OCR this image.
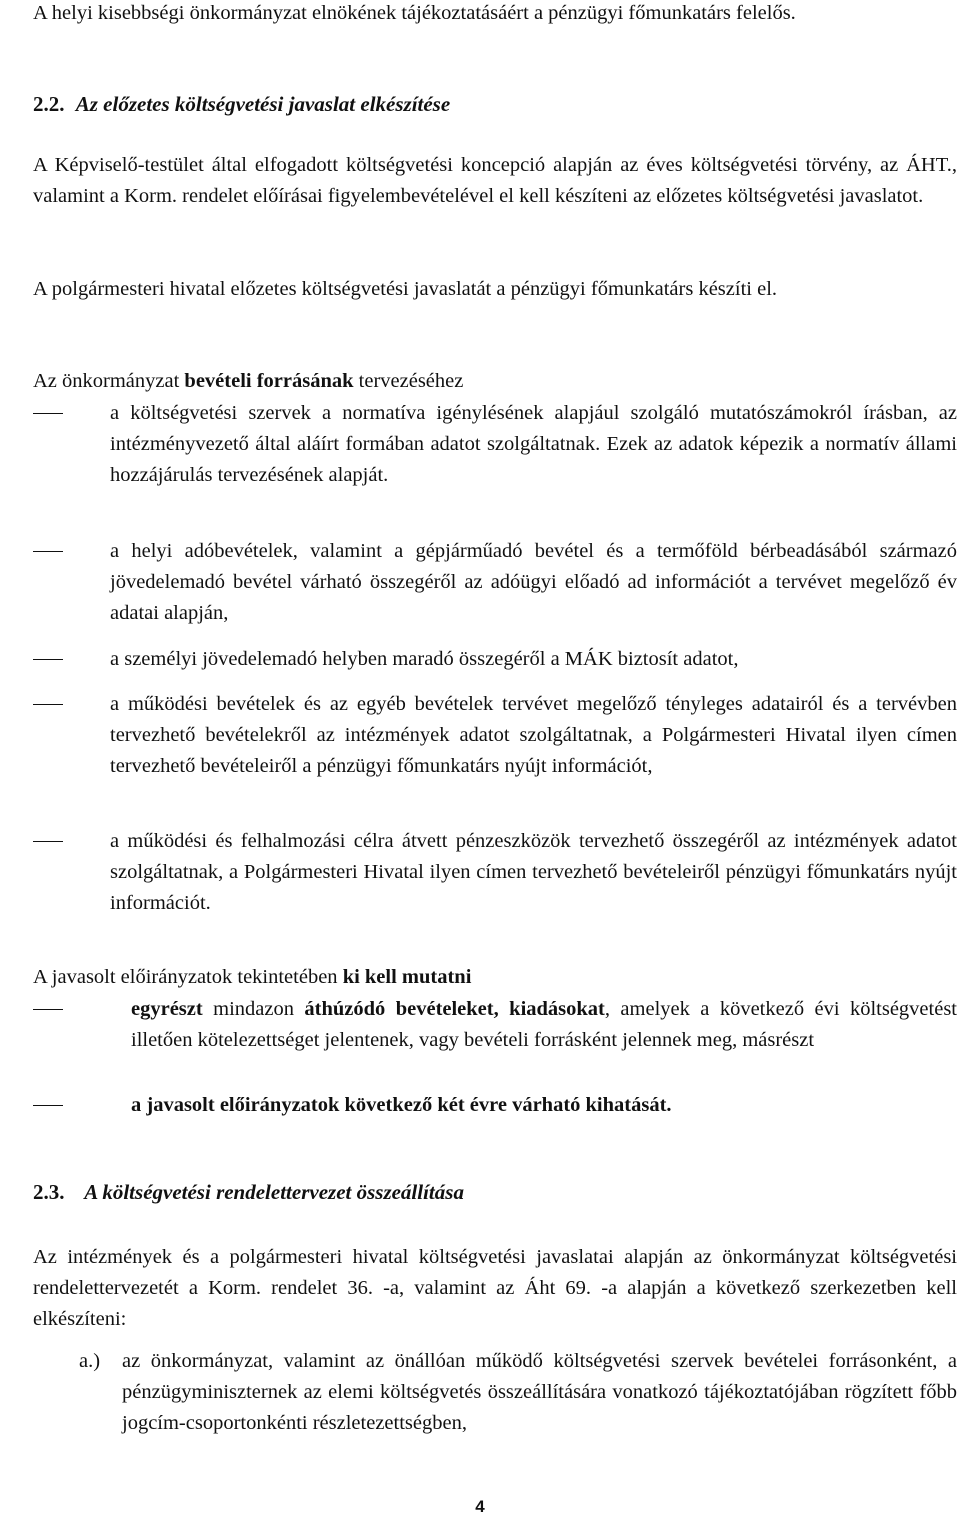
A helyi kisebbségi önkormányzat elnökének tájékoztatásáért a pénzügyi főmunkatárs felelős.

2.2. Az előzetes költségvetési javaslat elkészítése

A Képviselő-testület által elfogadott költségvetési koncepció alapján az éves költségvetési törvény, az ÁHT., valamint a Korm. rendelet előírásai figyelembevételével el kell készíteni az előzetes költségvetési javaslatot.

A polgármesteri hivatal előzetes költségvetési javaslatát a pénzügyi főmunkatárs készíti el.

Az önkormányzat bevételi forrásának tervezéséhez

a költségvetési szervek a normatíva igénylésének alapjául szolgáló mutatószámokról írásban, az intézményvezető által aláírt formában adatot szolgáltatnak. Ezek az adatok képezik a normatív állami hozzájárulás tervezésének alapját.

a helyi adóbevételek, valamint a gépjárműadó bevétel és a termőföld bérbeadásából származó jövedelemadó bevétel várható összegéről az adóügyi előadó ad információt a tervévet megelőző év adatai alapján,

a személyi jövedelemadó helyben maradó összegéről a MÁK biztosít adatot,

a működési bevételek és az egyéb bevételek tervévet megelőző tényleges adatairól és a tervévben tervezhető bevételekről az intézmények adatot szolgáltatnak, a Polgármesteri Hivatal ilyen címen tervezhető bevételeiről a pénzügyi főmunkatárs nyújt információt,

a működési és felhalmozási célra átvett pénzeszközök tervezhető összegéről az intézmények adatot szolgáltatnak, a Polgármesteri Hivatal ilyen címen tervezhető bevételeiről pénzügyi főmunkatárs nyújt információt.

A javasolt előirányzatok tekintetében ki kell mutatni

egyrészt mindazon áthúzódó bevételeket, kiadásokat, amelyek a következő évi költségvetést illetően kötelezettséget jelentenek, vagy bevételi forrásként jelennek meg, másrészt

a javasolt előirányzatok következő két évre várható kihatását.

2.3. A költségvetési rendelettervezet összeállítása

Az intézmények és a polgármesteri hivatal költségvetési javaslatai alapján az önkormányzat költségvetési rendelettervezetét a Korm. rendelet 36. -a, valamint az Áht 69. -a alapján a következő szerkezetben kell elkészíteni:

a.) az önkormányzat, valamint az önállóan működő költségvetési szervek bevételei forrásonként, a pénzügyminiszternek az elemi költségvetés összeállítására vonatkozó tájékoztatójában rögzített főbb jogcím-csoportonkénti részletezettségben,

4
